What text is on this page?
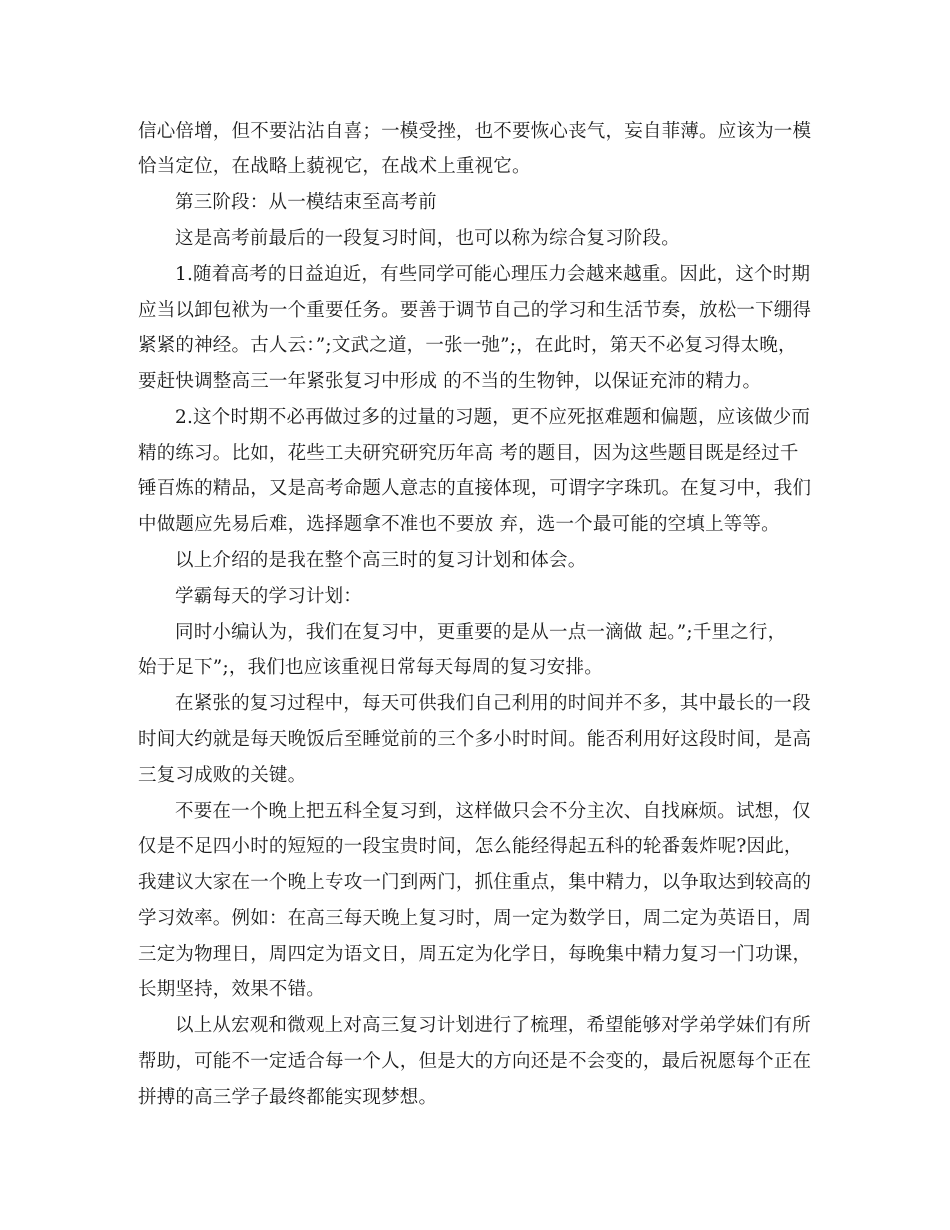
信心倍增，但不要沾沾自喜；一模受挫，也不要恢心丧气，妄自菲薄。应该为一模
恰当定位，在战略上藐视它，在战术上重视它。
第三阶段：从一模结束至高考前
这是高考前最后的一段复习时间，也可以称为综合复习阶段。
1.随着高考的日益迫近，有些同学可能心理压力会越来越重。因此，这个时期
应当以卸包袱为一个重要任务。要善于调节自己的学习和生活节奏，放松一下绷得
紧紧的神经。古人云：”;文武之道，一张一弛”;，在此时，第天不必复习得太晚，
要赶快调整高三一年紧张复习中形成 的不当的生物钟，以保证充沛的精力。
2.这个时期不必再做过多的过量的习题，更不应死抠难题和偏题，应该做少而
精的练习。比如，花些工夫研究研究历年高 考的题目，因为这些题目既是经过千
锤百炼的精品，又是高考命题人意志的直接体现，可谓字字珠玑。在复习中，我们
中做题应先易后难，选择题拿不准也不要放 弃，选一个最可能的空填上等等。
以上介绍的是我在整个高三时的复习计划和体会。
学霸每天的学习计划：
同时小编认为，我们在复习中，更重要的是从一点一滴做 起。”;千里之行，
始于足下”;，我们也应该重视日常每天每周的复习安排。
在紧张的复习过程中，每天可供我们自己利用的时间并不多，其中最长的一段
时间大约就是每天晚饭后至睡觉前的三个多小时时间。能否利用好这段时间，是高
三复习成败的关键。
不要在一个晚上把五科全复习到，这样做只会不分主次、自找麻烦。试想，仅
仅是不足四小时的短短的一段宝贵时间，怎么能经得起五科的轮番轰炸呢?因此，
我建议大家在一个晚上专攻一门到两门，抓住重点，集中精力，以争取达到较高的
学习效率。例如：在高三每天晚上复习时，周一定为数学日，周二定为英语日，周
三定为物理日，周四定为语文日，周五定为化学日，每晚集中精力复习一门功课，
长期坚持，效果不错。
以上从宏观和微观上对高三复习计划进行了梳理，希望能够对学弟学妹们有所
帮助，可能不一定适合每一个人，但是大的方向还是不会变的，最后祝愿每个正在
拼搏的高三学子最终都能实现梦想。
